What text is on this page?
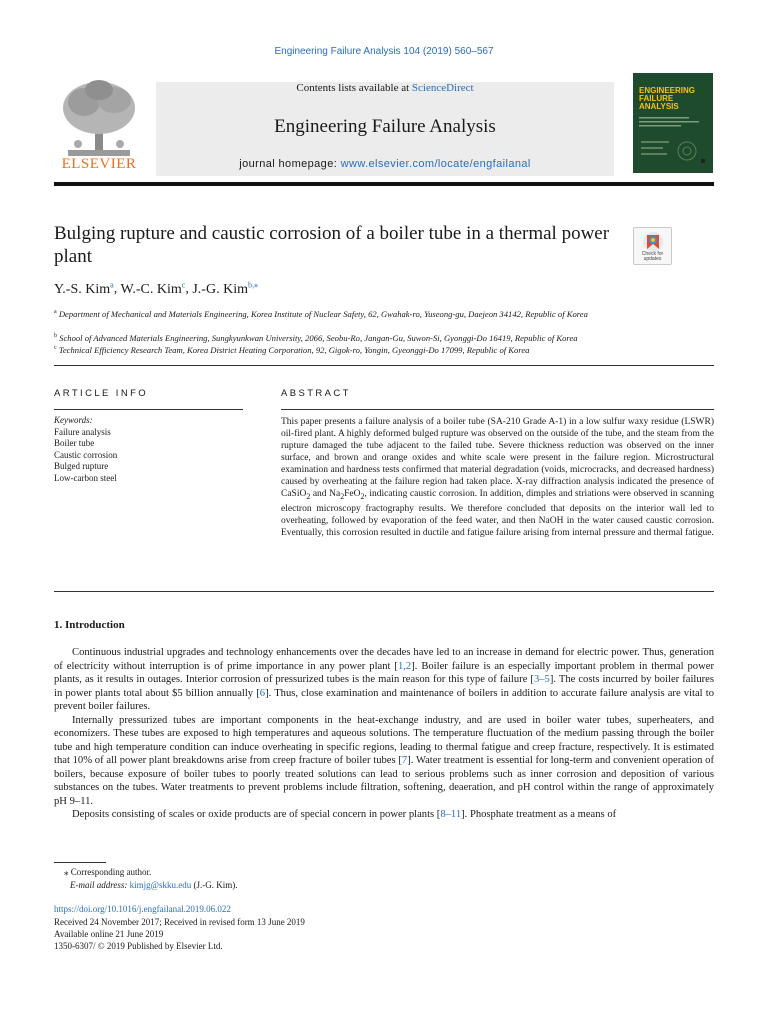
Engineering Failure Analysis 104 (2019) 560–567
ELSEVIER
Contents lists available at ScienceDirect
Engineering Failure Analysis
journal homepage: www.elsevier.com/locate/engfailanal
ENGINEERING FAILURE ANALYSIS
Bulging rupture and caustic corrosion of a boiler tube in a thermal power plant	Check for updates
Y.-S. Kim$^a$, W.-C. Kim$^c$, J.-G. Kim$^{b,⁎}$
$^a$ Department of Mechanical and Materials Engineering, Korea Institute of Nuclear Safety, 62, Gwahak-ro, Yuseong-gu, Daejeon 34142, Republic of Korea
$^b$ School of Advanced Materials Engineering, Sungkyunkwan University, 2066, Seobu-Ro, Jangan-Gu, Suwon-Si, Gyonggi-Do 16419, Republic of Korea
$^c$ Technical Efficiency Research Team, Korea District Heating Corporation, 92, Gigok-ro, Yongin, Gyeonggi-Do 17099, Republic of Korea
ARTICLE INFO	ABSTRACT
Keywords:
Failure analysis
Boiler tube
Caustic corrosion
Bulged rupture
Low-carbon steel
This paper presents a failure analysis of a boiler tube (SA-210 Grade A-1) in a low sulfur waxy residue (LSWR) oil-fired plant. A highly deformed bulged rupture was observed on the outside of the tube, and the steam from the rupture damaged the tube adjacent to the failed tube. Severe thickness reduction was observed on the inner surface, and brown and orange oxides and white scale were present in the failure region. Microstructural examination and hardness tests confirmed that material degradation (voids, microcracks, and decreased hardness) caused by overheating at the failure region had taken place. X-ray diffraction analysis indicated the presence of CaSiO$_2$ and $Na_2FeO_2$, indicating caustic corrosion. In addition, dimples and striations were observed in scanning electron microscopy fractography results. We therefore concluded that deposits on the interior wall led to overheating, followed by evaporation of the feed water, and then NaOH in the water caused caustic corrosion. Eventually, this corrosion resulted in ductile and fatigue failure arising from internal pressure and thermal fatigue.
1. Introduction

Continuous industrial upgrades and technology enhancements over the decades have led to an increase in demand for electric power. Thus, generation of electricity without interruption is of prime importance in any power plant [1,2]. Boiler failure is an especially important problem in thermal power plants, as it results in outages. Interior corrosion of pressurized tubes is the main reason for this type of failure [3–5]. The costs incurred by boiler failures in power plants total about $5 billion annually [6]. Thus, close examination and maintenance of boilers in addition to accurate failure analysis are vital to prevent boiler failures.

Internally pressurized tubes are important components in the heat-exchange industry, and are used in boiler water tubes, superheaters, and economizers. These tubes are exposed to high temperatures and aqueous solutions. The temperature fluctuation of the medium passing through the boiler tube and high temperature condition can induce overheating in specific regions, leading to thermal fatigue and creep fracture, respectively. It is estimated that 10% of all power plant breakdowns arise from creep fracture of boiler tubes [7]. Water treatment is essential for long-term and convenient operation of boilers, because exposure of boiler tubes to poorly treated solutions can lead to serious problems such as inner corrosion and deposition of various substances on the tubes. Water treatments to prevent problems include filtration, softening, deaeration, and pH control within the range of approximately pH 9–11.

Deposits consisting of scales or oxide products are of special concern in power plants [8–11]. Phosphate treatment as a means of

⁎ Corresponding author.
E-mail address: kimjg@skku.edu (J.-G. Kim).
https://doi.org/10.1016/j.engfailanal.2019.06.022
Received 24 November 2017; Received in revised form 13 June 2019
Available online 21 June 2019
1350-6307/ © 2019 Published by Elsevier Ltd.
